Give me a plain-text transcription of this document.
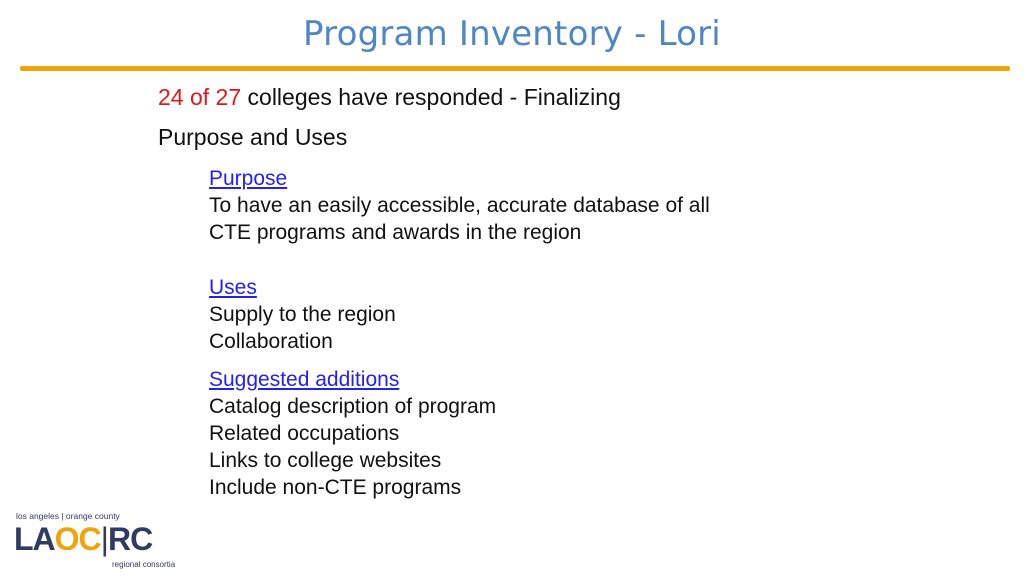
Program Inventory - Lori
24 of 27 colleges have responded - Finalizing
Purpose and Uses
Purpose
To have an easily accessible, accurate database of all
CTE programs and awards in the region
Uses
Supply to the region
Collaboration
Suggested additions
Catalog description of program
Related occupations
Links to college websites
Include non-CTE programs
los angeles | orange county
LAOC|RC
regional consortia
